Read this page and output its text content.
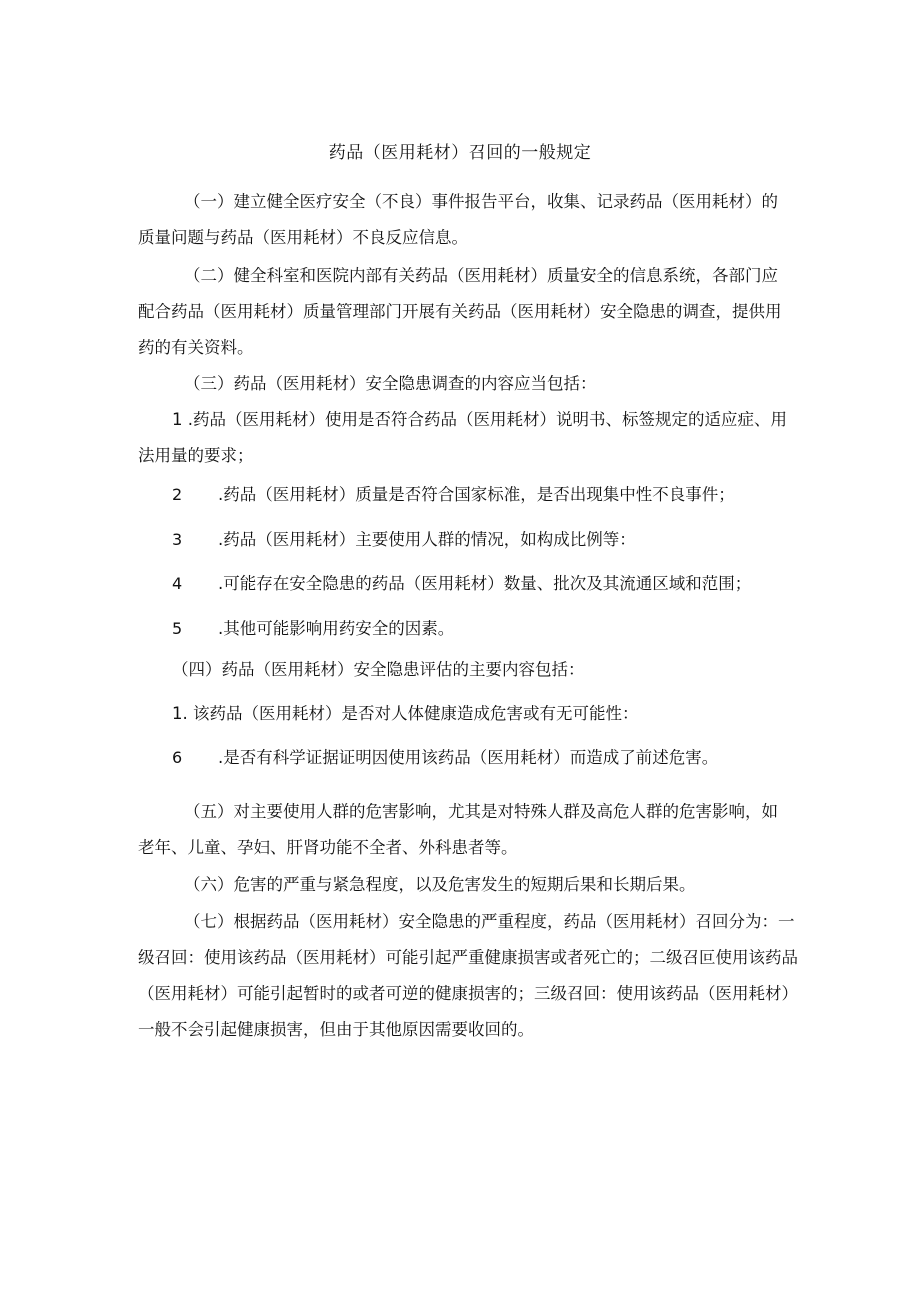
药品（医用耗材）召回的一般规定

（一）建立健全医疗安全（不良）事件报告平台，收集、记录药品（医用耗材）的质量问题与药品（医用耗材）不良反应信息。

（二）健全科室和医院内部有关药品（医用耗材）质量安全的信息系统，各部门应配合药品（医用耗材）质量管理部门开展有关药品（医用耗材）安全隐患的调查，提供用药的有关资料。

（三）药品（医用耗材）安全隐患调查的内容应当包括：

1 .药品（医用耗材）使用是否符合药品（医用耗材）说明书、标签规定的适应症、用法用量的要求；

2	.药品（医用耗材）质量是否符合国家标准，是否出现集中性不良事件；
3	.药品（医用耗材）主要使用人群的情况，如构成比例等：
4	.可能存在安全隐患的药品（医用耗材）数量、批次及其流通区域和范围；
5	.其他可能影响用药安全的因素。

（四）药品（医用耗材）安全隐患评估的主要内容包括：

1. 该药品（医用耗材）是否对人体健康造成危害或有无可能性：

6	.是否有科学证据证明因使用该药品（医用耗材）而造成了前述危害。

（五）对主要使用人群的危害影响，尤其是对特殊人群及高危人群的危害影响，如老年、儿童、孕妇、肝肾功能不全者、外科患者等。

（六）危害的严重与紧急程度，以及危害发生的短期后果和长期后果。

（七）根据药品（医用耗材）安全隐患的严重程度，药品（医用耗材）召回分为：一级召回：使用该药品（医用耗材）可能引起严重健康损害或者死亡的；二级召叵使用该药品（医用耗材）可能引起暂时的或者可逆的健康损害的；三级召回：使用该药品（医用耗材）一般不会引起健康损害，但由于其他原因需要收回的。
